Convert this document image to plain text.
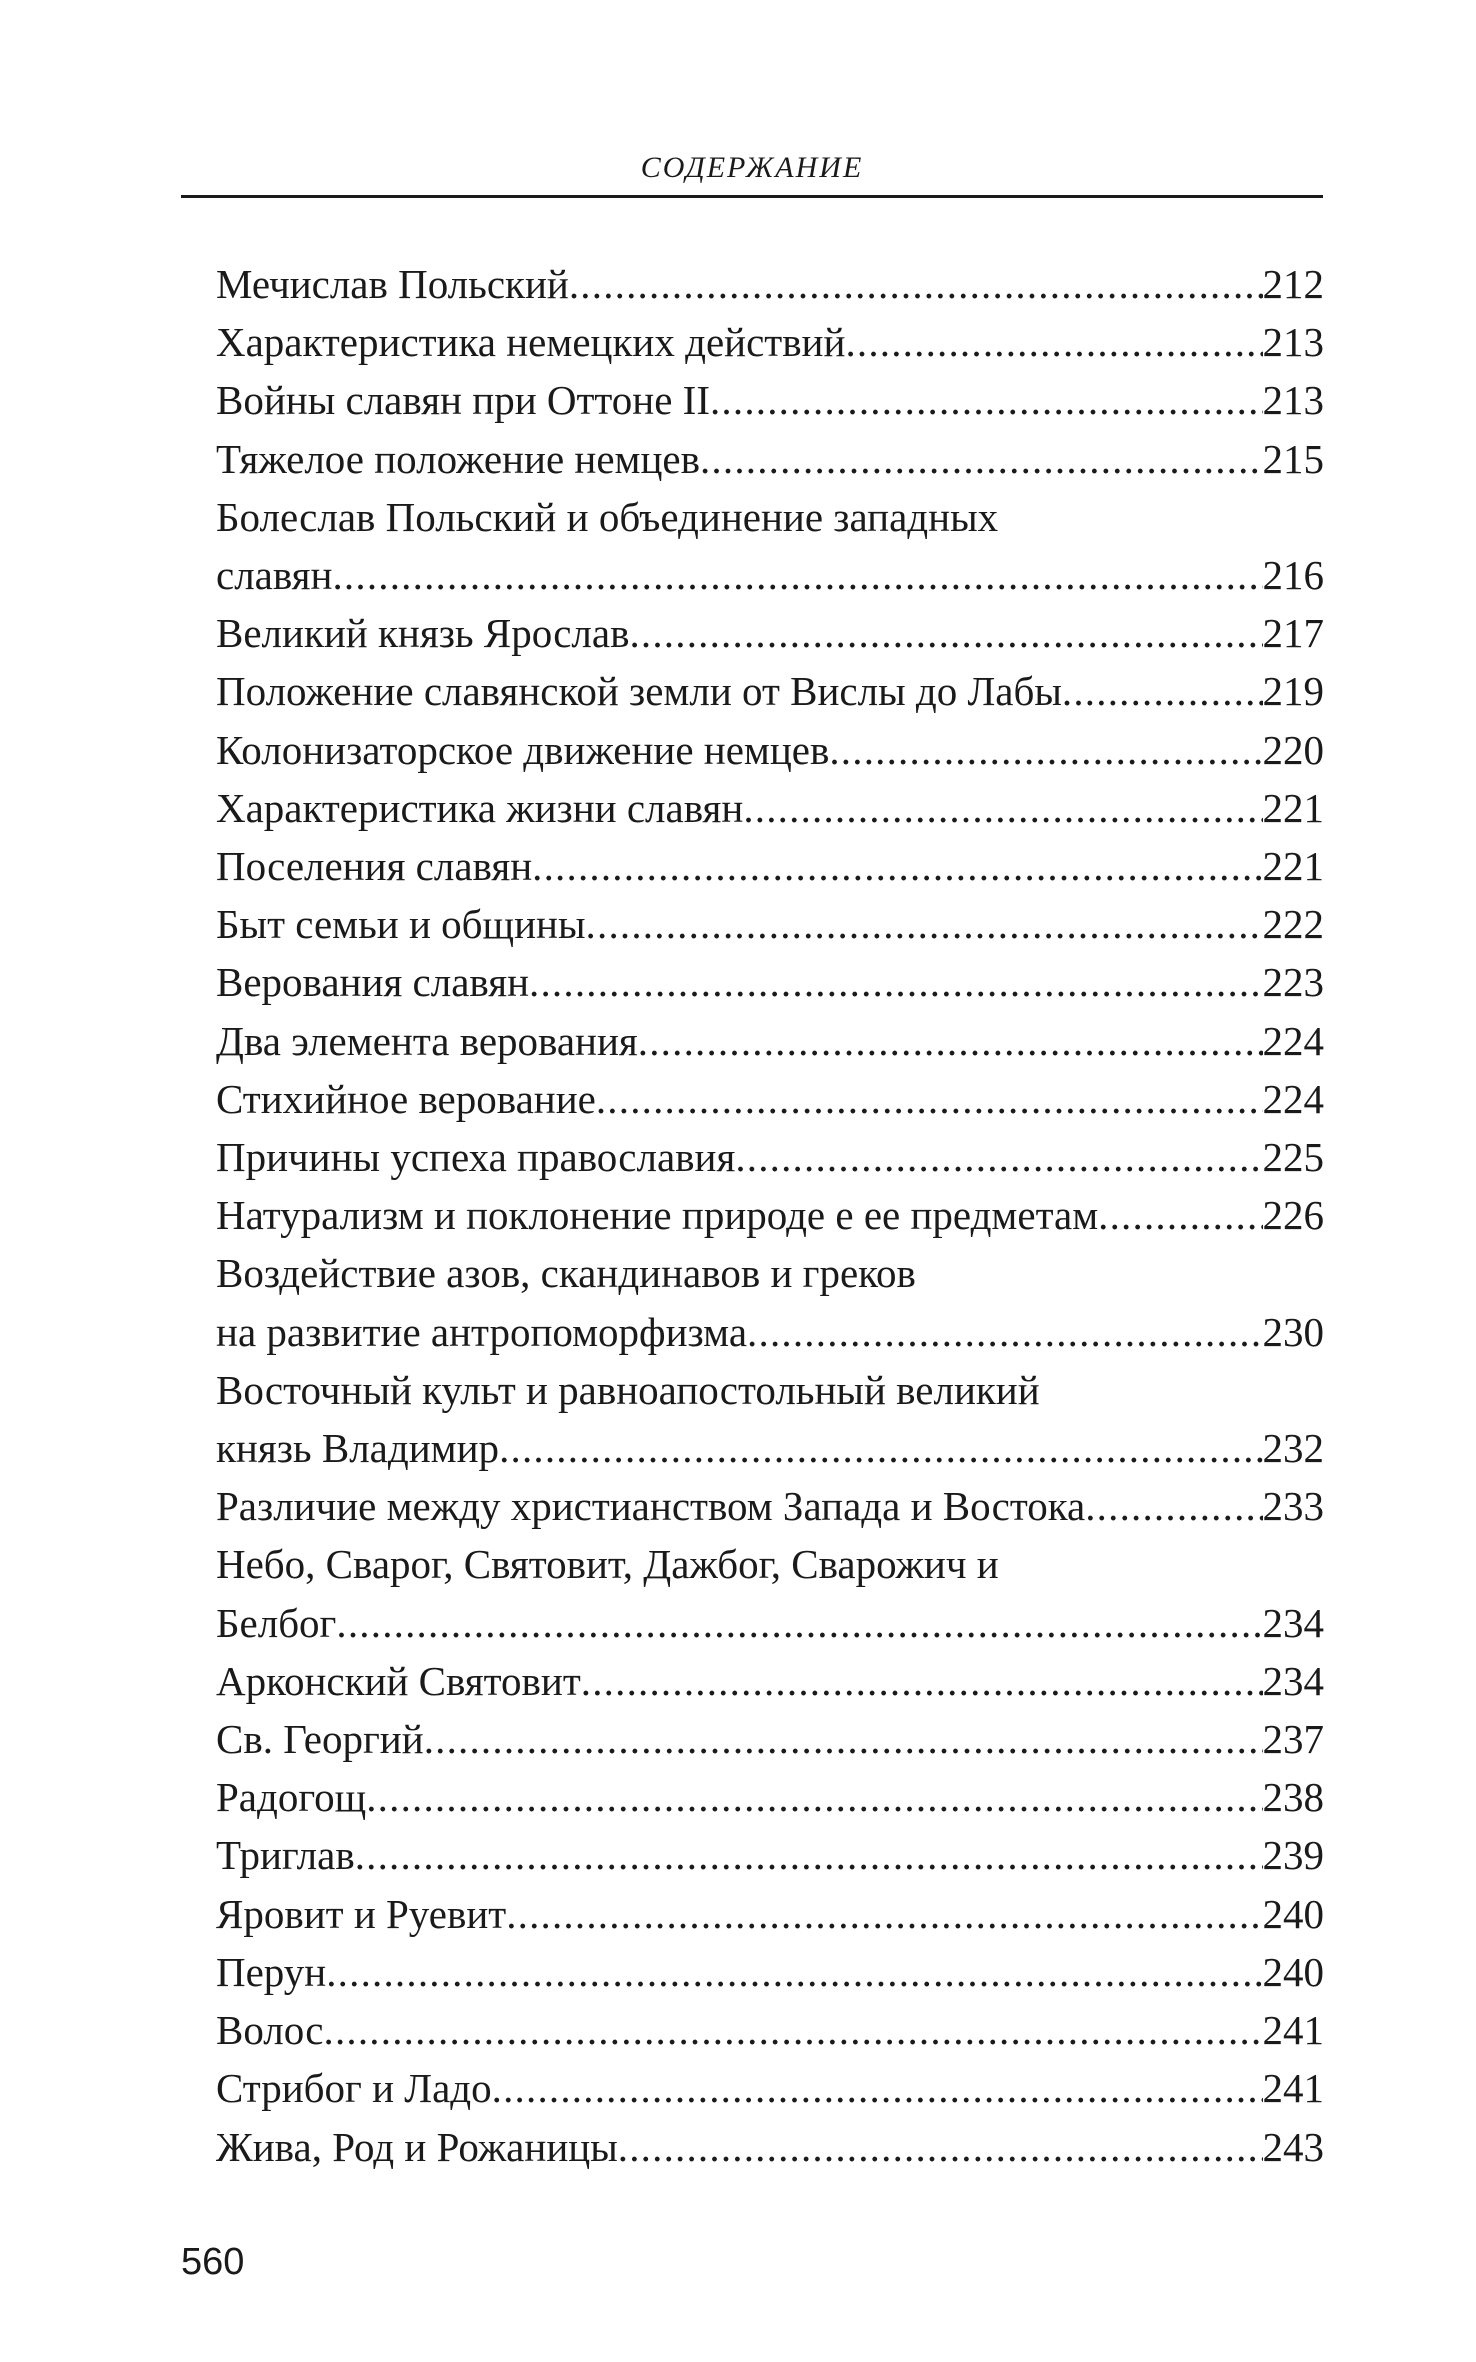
СОДЕРЖАНИЕ
Мечислав Польский .....	212
Характеристика немецких действий .....	213
Войны славян при Оттоне II .....	213
Тяжелое положение немцев .....	215
Болеслав Польский и объединение западных
славян .....	216
Великий князь Ярослав .....	217
Положение славянской земли от Вислы до Лабы .....	219
Колонизаторское движение немцев .....	220
Характеристика жизни славян .....	221
Поселения славян .....	221
Быт семьи и общины .....	222
Верования славян .....	223
Два элемента верования .....	224
Стихийное верование .....	224
Причины успеха православия .....	225
Натурализм и поклонение природе е ее предметам .....	226
Воздействие азов, скандинавов и греков
на развитие антропоморфизма .....	230
Восточный культ и равноапостольный великий
князь Владимир .....	232
Различие между христианством Запада и Востока .....	233
Небо, Сварог, Святовит, Дажбог, Сварожич и
Белбог .....	234
Арконский Святовит .....	234
Св. Георгий .....	237
Радогощ .....	238
Триглав .....	239
Яровит и Руевит .....	240
Перун .....	240
Волос .....	241
Стрибог и Ладо .....	241
Жива, Род и Рожаницы .....	243
560
